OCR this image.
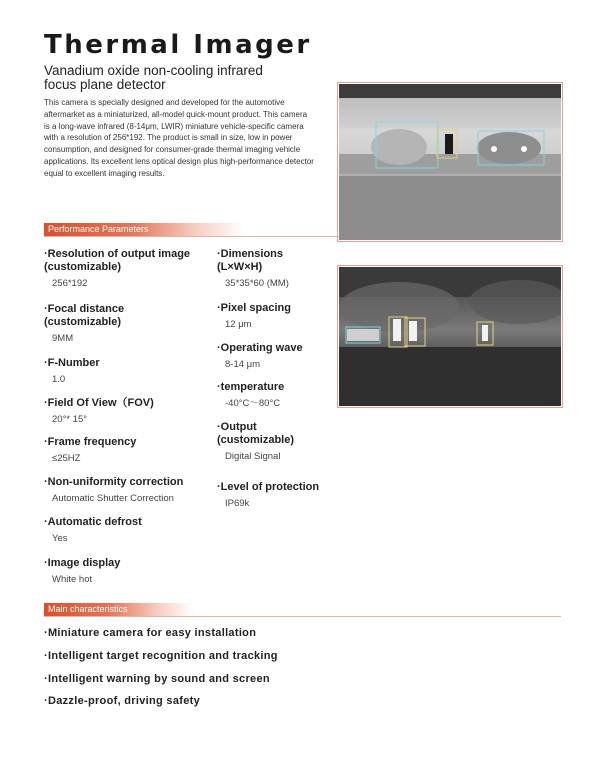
Thermal Imager
Vanadium oxide non-cooling infrared focus plane detector

This camera is specially designed and developed for the automotive aftermarket as a miniaturized, all-model quick-mount product. This camera is a long-wave infrared (8-14μm, LWIR) miniature vehicle-specific camera with a resolution of 256*192. The product is small in size, low in power consumption, and designed for consumer-grade thermal imaging vehicle applications. Its excellent lens optical design plus high-performance detector equal to excellent imaging results.

Performance Parameters
·Resolution of output image
(customizable)
256*192
·Focal distance
(customizable)
9MM
·F-Number
1.0
·Field Of View（FOV)
20°* 15°
·Frame frequency
≤25HZ
·Non-uniformity correction
Automatic Shutter Correction
·Automatic defrost
Yes
·Image display
White hot
·Dimensions
(L×W×H)
35*35*60 (MM)
·Pixel spacing
12 μm
·Operating wave
8-14 μm
·temperature
-40°C～80°C
·Output
(customizable)
Digital Signal
·Level of protection
IP69k
Main characteristics
·Miniature camera for easy installation
·Intelligent target recognition and tracking
·Intelligent warning by sound and screen
·Dazzle-proof, driving safety
